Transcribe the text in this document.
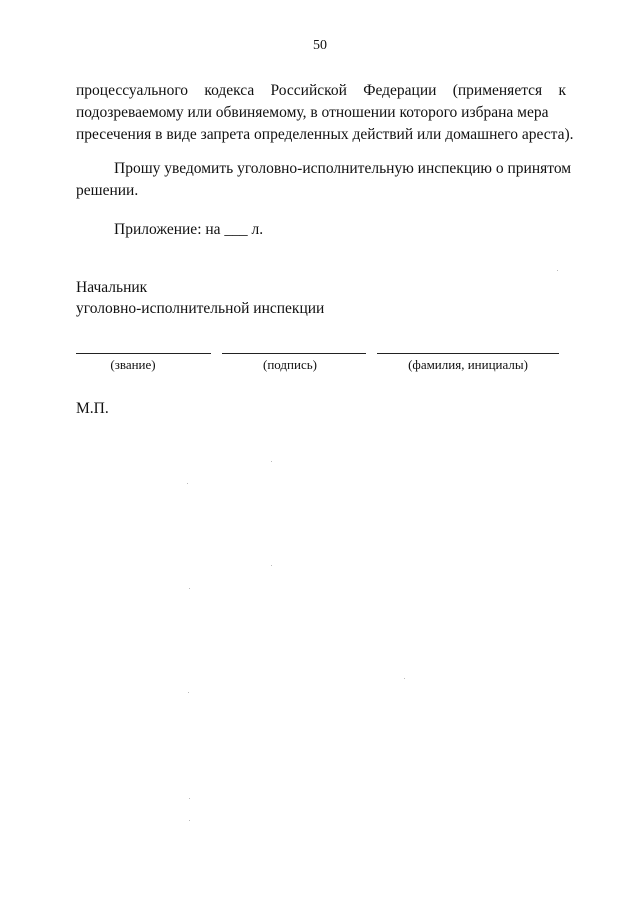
50
процессуального кодекса Российской Федерации (применяется к
подозреваемому или обвиняемому, в отношении которого избрана мера
пресечения в виде запрета определенных действий или домашнего ареста).
Прошу уведомить уголовно-исполнительную инспекцию о принятом
решении.
Приложение: на ___ л.
Начальник
уголовно-исполнительной инспекции
(звание)	(подпись)	(фамилия, инициалы)
М.П.
